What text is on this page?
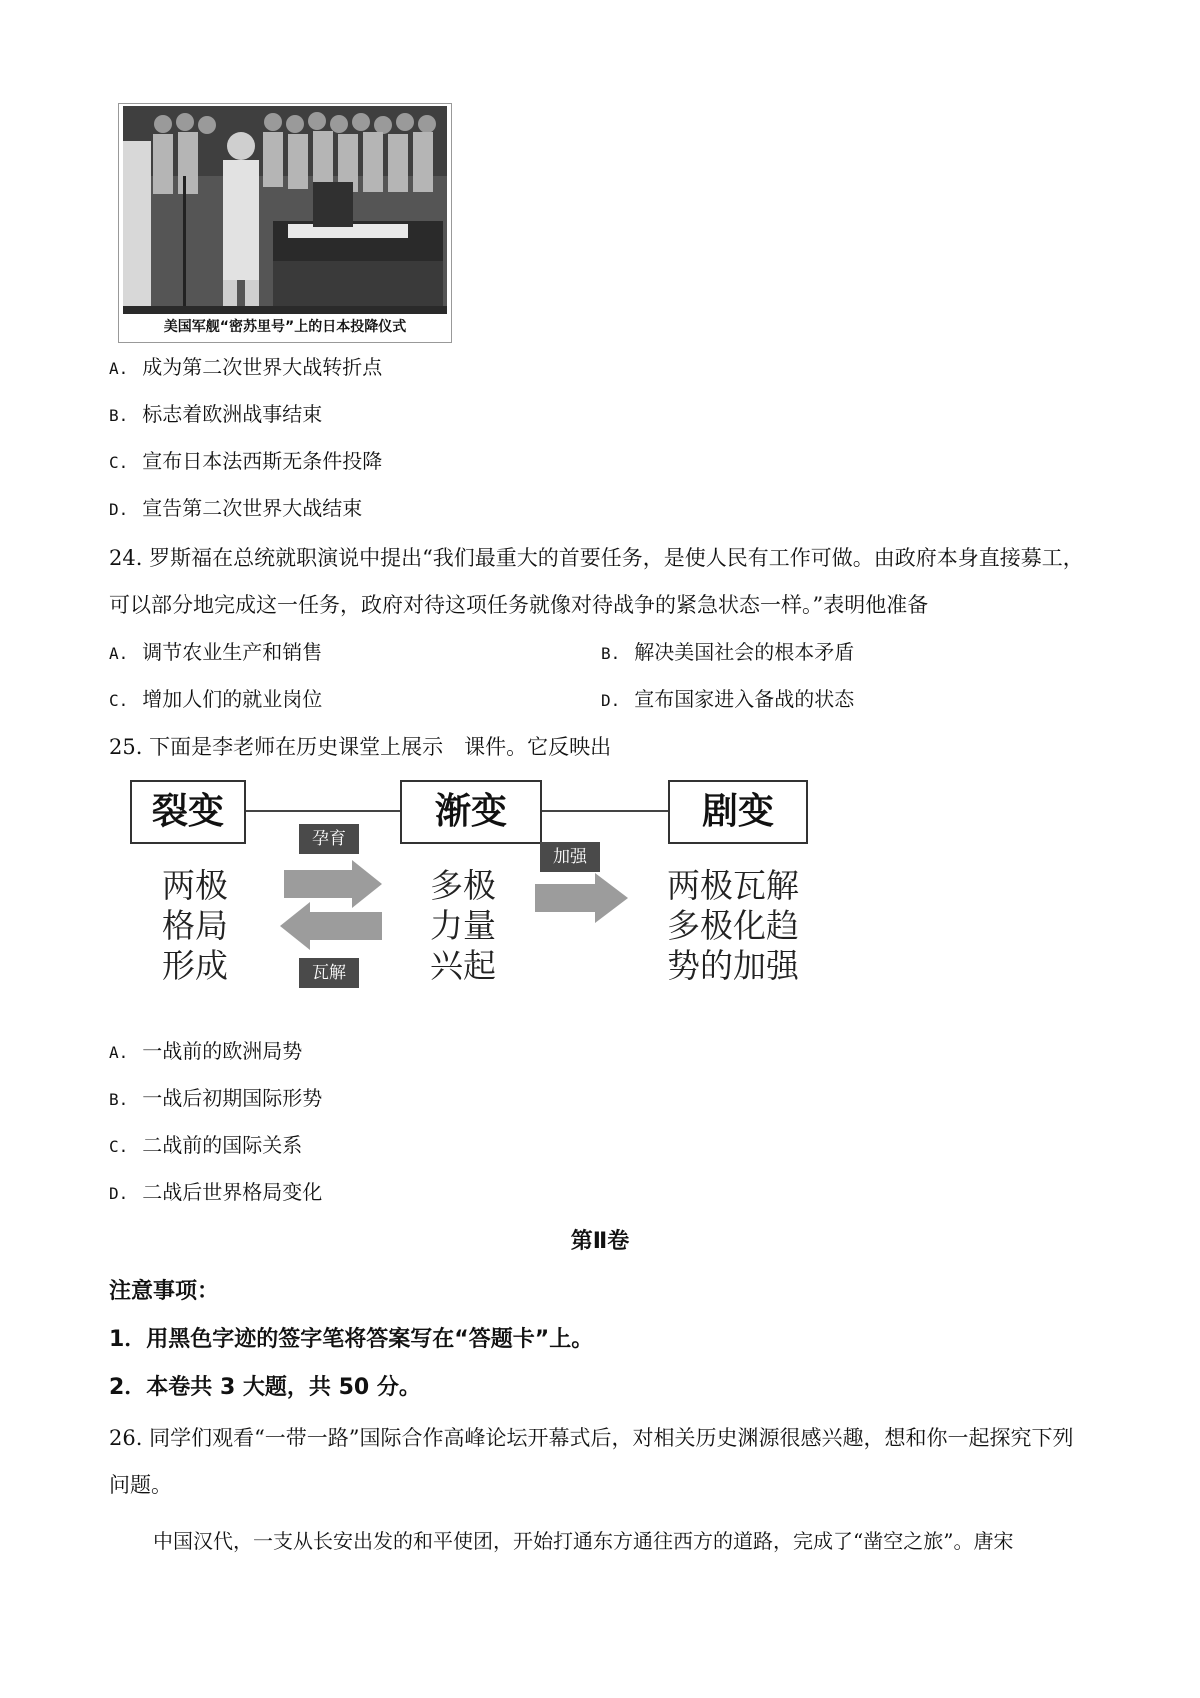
美国军舰“密苏里号”上的日本投降仪式
A. 成为第二次世界大战转折点
B. 标志着欧洲战事结束
C. 宣布日本法西斯无条件投降
D. 宣告第二次世界大战结束
24. 罗斯福在总统就职演说中提出“我们最重大的首要任务，是使人民有工作可做。由政府本身直接募工，
可以部分地完成这一任务，政府对待这项任务就像对待战争的紧急状态一样。”表明他准备
A. 调节农业生产和销售	B. 解决美国社会的根本矛盾
C. 增加人们的就业岗位	D. 宣布国家进入备战的状态
25. 下面是李老师在历史课堂上展示　课件。它反映出
裂变	渐变	剧变
两极
格局
形成
多极
力量
兴起
两极瓦解
多极化趋
势的加强
孕育
瓦解
加强
A. 一战前的欧洲局势
B. 一战后初期国际形势
C. 二战前的国际关系
D. 二战后世界格局变化
第Ⅱ卷
注意事项：
1．用黑色字迹的签字笔将答案写在“答题卡”上。
2．本卷共 3 大题，共 50 分。
26. 同学们观看“一带一路”国际合作高峰论坛开幕式后，对相关历史渊源很感兴趣，想和你一起探究下列
问题。
中国汉代，一支从长安出发的和平使团，开始打通东方通往西方的道路，完成了“凿空之旅”。唐宋
